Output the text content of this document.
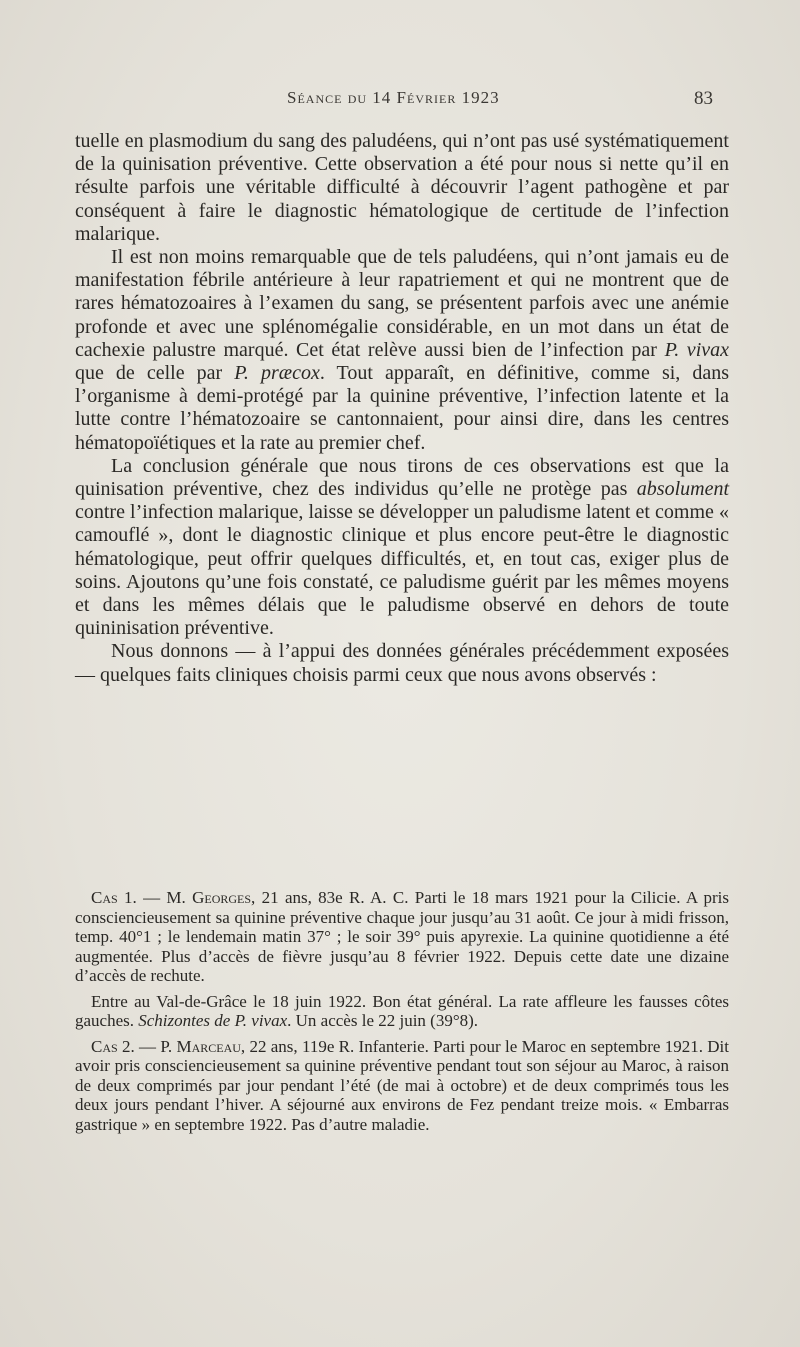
Séance du 14 Février 1923	83

tuelle en plasmodium du sang des paludéens, qui n’ont pas usé systématiquement de la quinisation préventive. Cette observation a été pour nous si nette qu’il en résulte parfois une véritable difficulté à découvrir l’agent pathogène et par conséquent à faire le diagnostic hématologique de certitude de l’infection malarique.

Il est non moins remarquable que de tels paludéens, qui n’ont jamais eu de manifestation fébrile antérieure à leur rapatriement et qui ne montrent que de rares hématozoaires à l’examen du sang, se présentent parfois avec une anémie profonde et avec une splénomégalie considérable, en un mot dans un état de cachexie palustre marqué. Cet état relève aussi bien de l’infection par P. vivax que de celle par P. præcox. Tout apparaît, en définitive, comme si, dans l’organisme à demi-protégé par la quinine préventive, l’infection latente et la lutte contre l’hématozoaire se cantonnaient, pour ainsi dire, dans les centres hématopoïétiques et la rate au premier chef.

La conclusion générale que nous tirons de ces observations est que la quinisation préventive, chez des individus qu’elle ne protège pas absolument contre l’infection malarique, laisse se développer un paludisme latent et comme « camouflé », dont le diagnostic clinique et plus encore peut-être le diagnostic hématologique, peut offrir quelques difficultés, et, en tout cas, exiger plus de soins. Ajoutons qu’une fois constaté, ce paludisme guérit par les mêmes moyens et dans les mêmes délais que le paludisme observé en dehors de toute quininisation préventive.

Nous donnons — à l’appui des données générales précédemment exposées — quelques faits cliniques choisis parmi ceux que nous avons observés :

Cas 1. — M. Georges, 21 ans, 83e R. A. C. Parti le 18 mars 1921 pour la Cilicie. A pris consciencieusement sa quinine préventive chaque jour jusqu’au 31 août. Ce jour à midi frisson, temp. 40°1 ; le lendemain matin 37° ; le soir 39° puis apyrexie. La quinine quotidienne a été augmentée. Plus d’accès de fièvre jusqu’au 8 février 1922. Depuis cette date une dizaine d’accès de rechute.

Entre au Val-de-Grâce le 18 juin 1922. Bon état général. La rate affleure les fausses côtes gauches. Schizontes de P. vivax. Un accès le 22 juin (39°8).

Cas 2. — P. Marceau, 22 ans, 119e R. Infanterie. Parti pour le Maroc en septembre 1921. Dit avoir pris consciencieusement sa quinine préventive pendant tout son séjour au Maroc, à raison de deux comprimés par jour pendant l’été (de mai à octobre) et de deux comprimés tous les deux jours pendant l’hiver. A séjourné aux environs de Fez pendant treize mois. « Embarras gastrique » en septembre 1922. Pas d’autre maladie.
